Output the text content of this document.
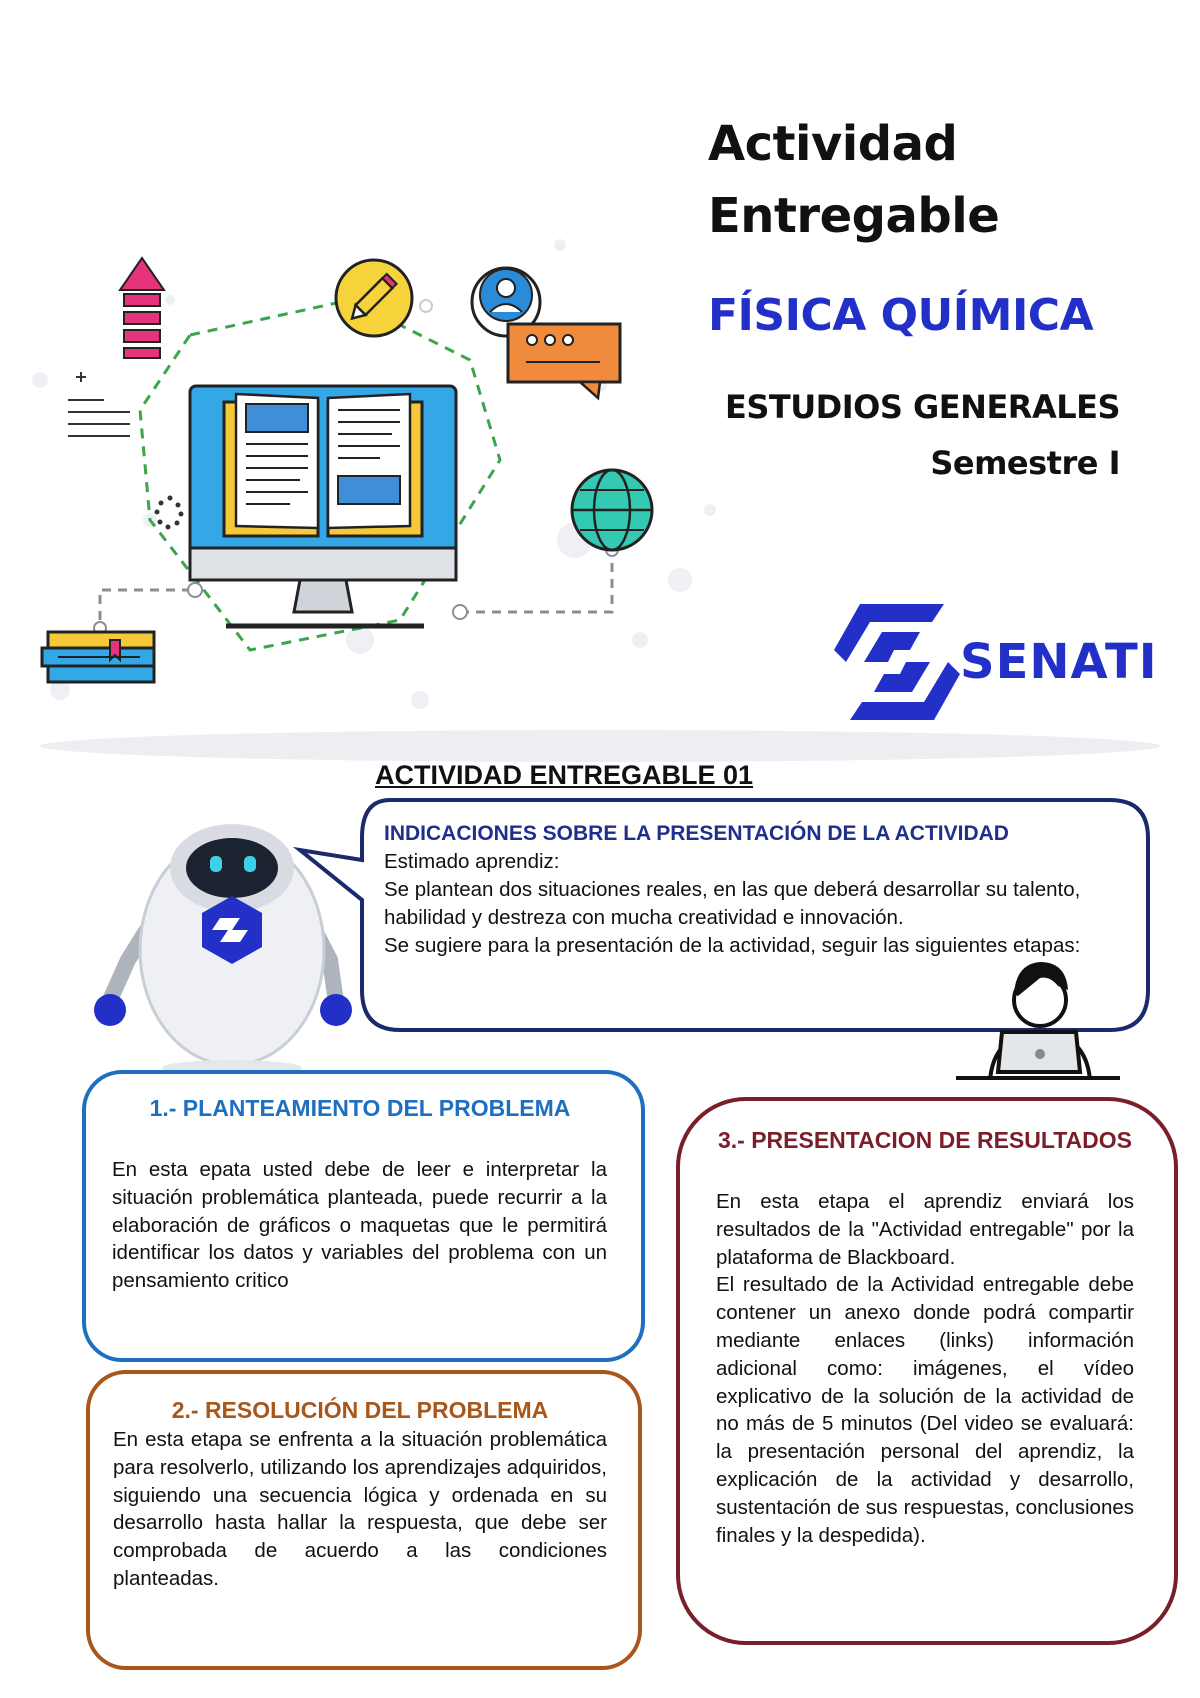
Actividad
Entregable
FÍSICA QUÍMICA
ESTUDIOS GENERALES
Semestre I
SENATI
ACTIVIDAD ENTREGABLE 01
INDICACIONES SOBRE LA PRESENTACIÓN DE LA ACTIVIDAD

Estimado aprendiz:

Se plantean dos situaciones reales, en las que deberá desarrollar su talento, habilidad y destreza con mucha creatividad e innovación.

Se sugiere para la presentación de la actividad, seguir las siguientes etapas:

1.- PLANTEAMIENTO DEL PROBLEMA
En esta epata usted debe de leer e interpretar la situación problemática planteada, puede recurrir a la elaboración de gráficos o maquetas que le permitirá identificar los datos y variables del problema con un pensamiento critico
2.- RESOLUCIÓN DEL PROBLEMA
En esta etapa se enfrenta a la situación problemática para resolverlo, utilizando los aprendizajes adquiridos, siguiendo una secuencia lógica y ordenada en su desarrollo hasta hallar la respuesta, que debe ser comprobada de acuerdo a las condiciones planteadas.
3.- PRESENTACION DE RESULTADOS

En esta etapa el aprendiz enviará los resultados de la "Actividad entregable" por la plataforma de Blackboard.

El resultado de la Actividad entregable debe contener un anexo donde podrá compartir mediante enlaces (links) información adicional como: imágenes, el vídeo explicativo de la solución de la actividad de no más de 5 minutos (Del video se evaluará: la presentación personal del aprendiz, la explicación de la actividad y desarrollo, sustentación de sus respuestas, conclusiones finales y la despedida).
